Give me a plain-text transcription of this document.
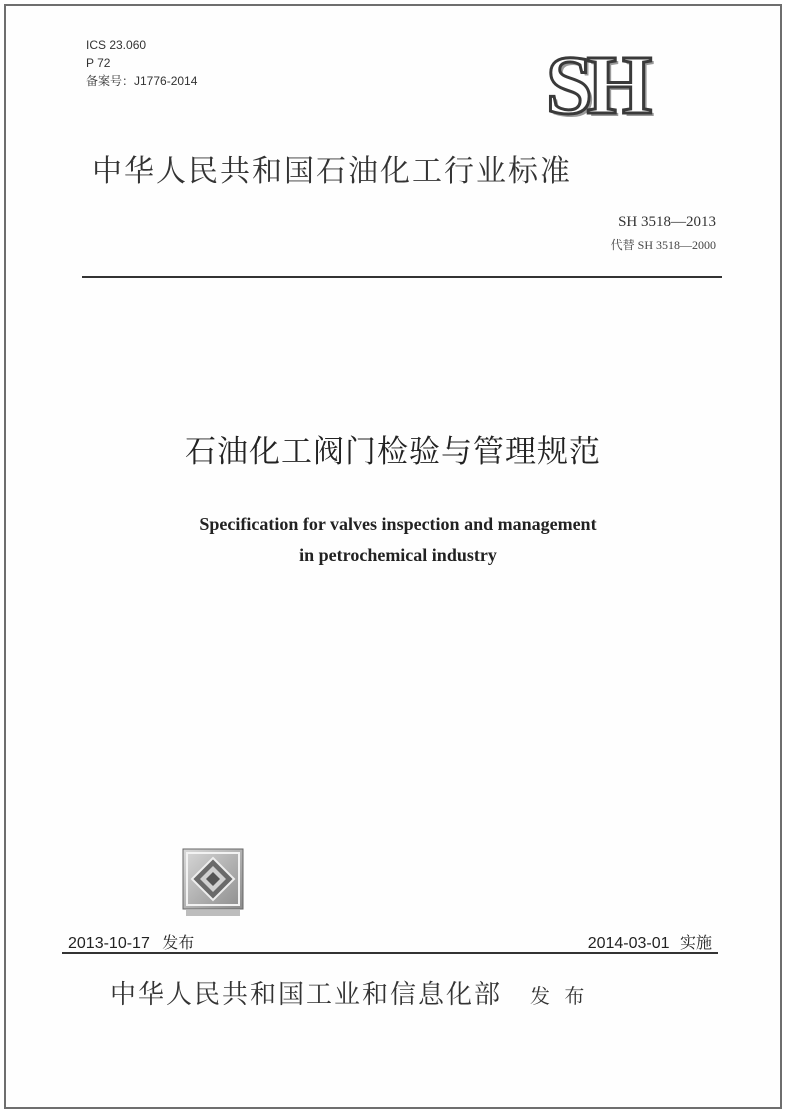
ICS 23.060
P 72
备案号：J1776-2014	SH
中华人民共和国石油化工行业标准
SH 3518—2013
代替 SH 3518—2000
石油化工阀门检验与管理规范
Specification for valves inspection and management
in petrochemical industry
2013-10-17 发布	2014-03-01 实施
中华人民共和国工业和信息化部 发 布
